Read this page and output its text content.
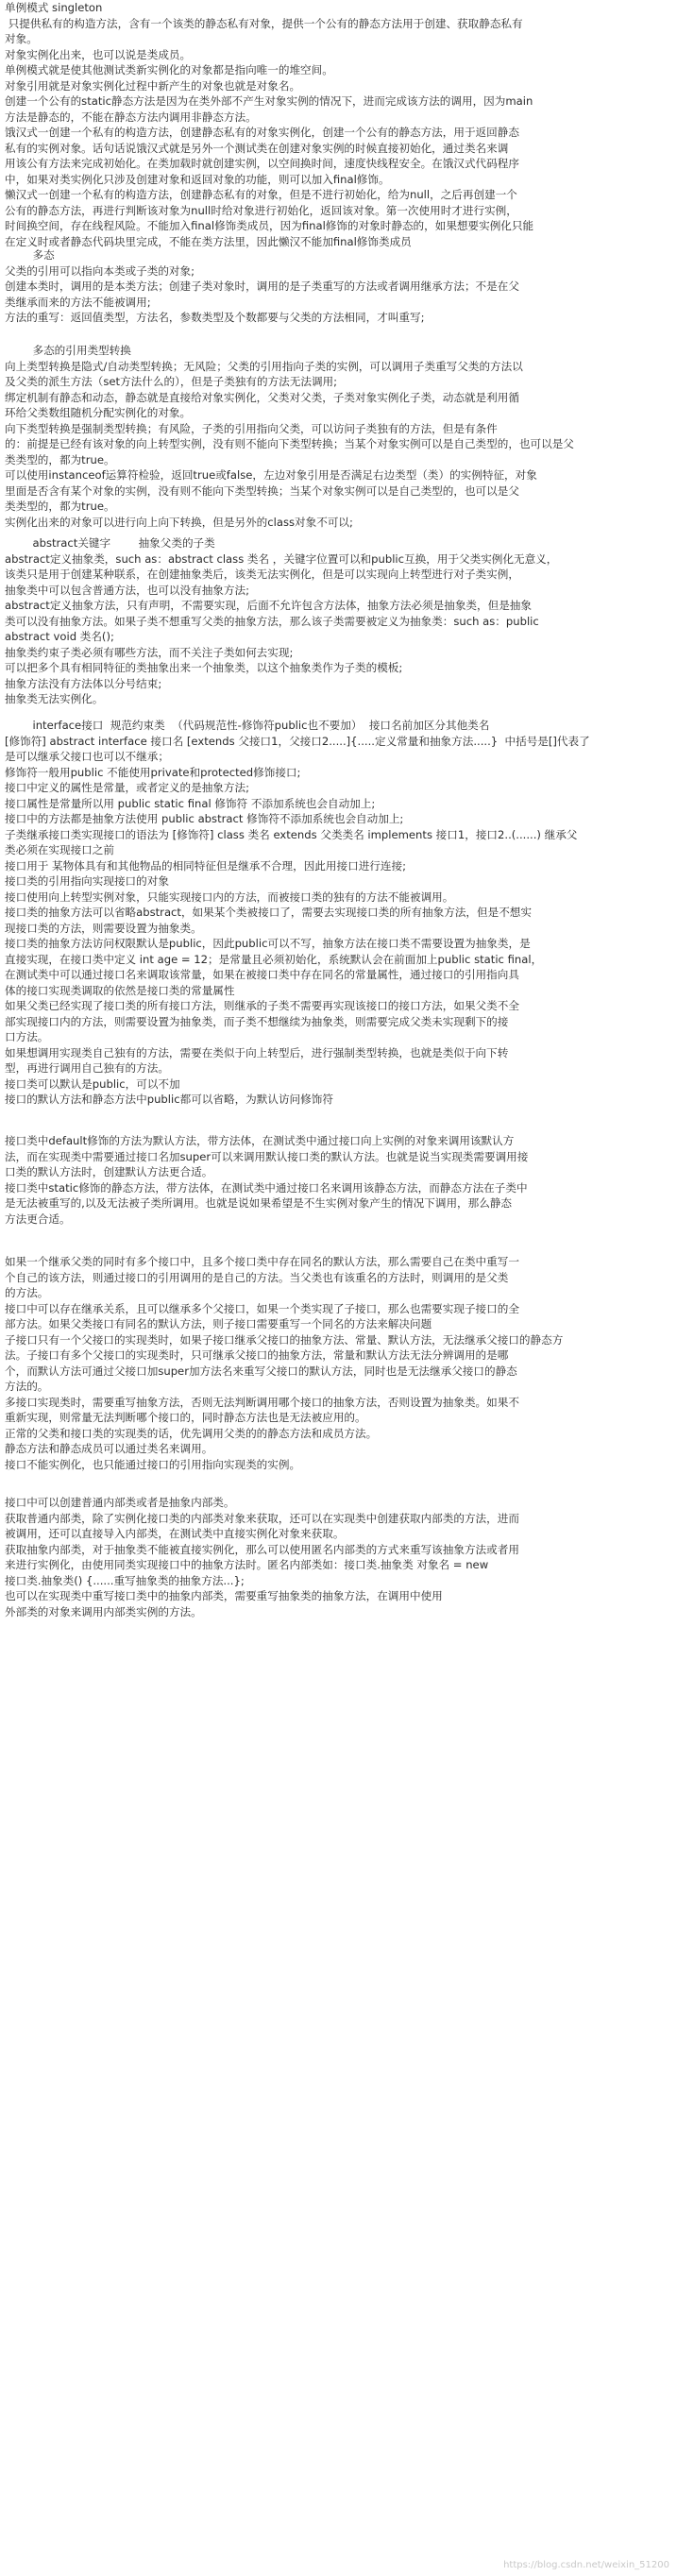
单例模式 singleton
只提供私有的构造方法，含有一个该类的静态私有对象，提供一个公有的静态方法用于创建、获取静态私有
对象。
对象实例化出来，也可以说是类成员。
单例模式就是使其他测试类新实例化的对象都是指向唯一的堆空间。
对象引用就是对象实例化过程中新产生的对象也就是对象名。
创建一个公有的static静态方法是因为在类外部不产生对象实例的情况下，进而完成该方法的调用，因为main
方法是静态的，不能在静态方法内调用非静态方法。
饿汉式一创建一个私有的构造方法，创建静态私有的对象实例化，创建一个公有的静态方法，用于返回静态
私有的实例对象。话句话说饿汉式就是另外一个测试类在创建对象实例的时候直接初始化，通过类名来调
用该公有方法来完成初始化。在类加载时就创建实例，以空间换时间，速度快线程安全。在饿汉式代码程序
中，如果对类实例化只涉及创建对象和返回对象的功能，则可以加入final修饰。
懒汉式一创建一个私有的构造方法，创建静态私有的对象，但是不进行初始化，给为null，之后再创建一个
公有的静态方法，再进行判断该对象为null时给对象进行初始化，返回该对象。第一次使用时才进行实例，
时间换空间，存在线程风险。不能加入final修饰类成员，因为final修饰的对象时静态的，如果想要实例化只能
在定义时或者静态代码块里完成，不能在类方法里，因此懒汉不能加final修饰类成员
多态
父类的引用可以指向本类或子类的对象;
创建本类时，调用的是本类方法；创建子类对象时，调用的是子类重写的方法或者调用继承方法；不是在父
类继承而来的方法不能被调用;
方法的重写：返回值类型，方法名，参数类型及个数都要与父类的方法相同，才叫重写;
多态的引用类型转换
向上类型转换是隐式/自动类型转换；无风险；父类的引用指向子类的实例，可以调用子类重写父类的方法以
及父类的派生方法（set方法什么的），但是子类独有的方法无法调用;
绑定机制有静态和动态，静态就是直接给对象实例化，父类对父类，子类对象实例化子类，动态就是利用循
环给父类数组随机分配实例化的对象。
向下类型转换是强制类型转换；有风险，子类的引用指向父类，可以访问子类独有的方法，但是有条件
的：前提是已经有该对象的向上转型实例，没有则不能向下类型转换；当某个对象实例可以是自己类型的，也可以是父
类类型的，都为true。
可以使用instanceof运算符检验，返回true或false，左边对象引用是否满足右边类型（类）的实例特征，对象
里面是否含有某个对象的实例，没有则不能向下类型转换；当某个对象实例可以是自己类型的，也可以是父
类类型的，都为true。
实例化出来的对象可以进行向上向下转换，但是另外的class对象不可以;
abstract关键字        抽象父类的子类
abstract定义抽象类，such as：abstract class 类名 ，关键字位置可以和public互换，用于父类实例化无意义，
该类只是用于创建某种联系，在创建抽象类后，该类无法实例化，但是可以实现向上转型进行对子类实例，
抽象类中可以包含普通方法，也可以没有抽象方法;
abstract定义抽象方法，只有声明，不需要实现，后面不允许包含方法体，抽象方法必须是抽象类，但是抽象
类可以没有抽象方法。如果子类不想重写父类的抽象方法，那么该子类需要被定义为抽象类：such as：public
abstract void 类名();
抽象类约束子类必须有哪些方法，而不关注子类如何去实现;
可以把多个具有相同特征的类抽象出来一个抽象类，以这个抽象类作为子类的模板;
抽象方法没有方法体以分号结束;
抽象类无法实例化。
interface接口  规范约束类  （代码规范性-修饰符public也不要加）  接口名前加区分其他类名
[修饰符] abstract interface 接口名 [extends 父接口1，父接口2.....]{.....定义常量和抽象方法.....}  中括号是[]代表了
是可以继承父接口也可以不继承；
修饰符一般用public 不能使用private和protected修饰接口;
接口中定义的属性是常量，或者定义的是抽象方法;
接口属性是常量所以用 public static final 修饰符 不添加系统也会自动加上;
接口中的方法都是抽象方法使用 public abstract 修饰符不添加系统也会自动加上;
子类继承接口类实现接口的语法为 [修饰符] class 类名 extends 父类类名 implements 接口1，接口2..(......) 继承父
类必须在实现接口之前
接口用于 某物体具有和其他物品的相同特征但是继承不合理，因此用接口进行连接;
接口类的引用指向实现接口的对象
接口使用向上转型实例对象，只能实现接口内的方法，而被接口类的独有的方法不能被调用。
接口类的抽象方法可以省略abstract，如果某个类被接口了，需要去实现接口类的所有抽象方法，但是不想实
现接口类的方法，则需要设置为抽象类。
接口类的抽象方法访问权限默认是public，因此public可以不写，抽象方法在接口类不需要设置为抽象类，是
直接实现，在接口类中定义 int age = 12；是常量且必须初始化，系统默认会在前面加上public static final，
在测试类中可以通过接口名来调取该常量，如果在被接口类中存在同名的常量属性，通过接口的引用指向具
体的接口实现类调取的依然是接口类的常量属性
如果父类已经实现了接口类的所有接口方法，则继承的子类不需要再实现该接口的接口方法，如果父类不全
部实现接口内的方法，则需要设置为抽象类，而子类不想继续为抽象类，则需要完成父类未实现剩下的接
口方法。
如果想调用实现类自己独有的方法，需要在类似于向上转型后，进行强制类型转换，也就是类似于向下转
型，再进行调用自己独有的方法。
接口类可以默认是public，可以不加
接口的默认方法和静态方法中public都可以省略，为默认访问修饰符
接口类中default修饰的方法为默认方法，带方法体，在测试类中通过接口向上实例的对象来调用该默认方
法，而在实现类中需要通过接口名加super可以来调用默认接口类的默认方法。也就是说当实现类需要调用接
口类的默认方法时，创建默认方法更合适。
接口类中static修饰的静态方法，带方法体，在测试类中通过接口名来调用该静态方法，而静态方法在子类中
是无法被重写的,以及无法被子类所调用。也就是说如果希望是不生实例对象产生的情况下调用，那么静态
方法更合适。
如果一个继承父类的同时有多个接口中，且多个接口类中存在同名的默认方法，那么需要自己在类中重写一
个自己的该方法，则通过接口的引用调用的是自己的方法。当父类也有该重名的方法时，则调用的是父类
的方法。
接口中可以存在继承关系，且可以继承多个父接口，如果一个类实现了子接口，那么也需要实现子接口的全
部方法。如果父类接口有同名的默认方法，则子接口需要重写一个同名的方法来解决问题
子接口只有一个父接口的实现类时，如果子接口继承父接口的抽象方法、常量、默认方法，无法继承父接口的静态方
法。子接口有多个父接口的实现类时，只可继承父接口的抽象方法，常量和默认方法无法分辨调用的是哪
个，而默认方法可通过父接口加super加方法名来重写父接口的默认方法，同时也是无法继承父接口的静态
方法的。
多接口实现类时，需要重写抽象方法，否则无法判断调用哪个接口的抽象方法，否则设置为抽象类。如果不
重新实现，则常量无法判断哪个接口的，同时静态方法也是无法被应用的。
正常的父类和接口类的实现类的话，优先调用父类的的静态方法和成员方法。
静态方法和静态成员可以通过类名来调用。
接口不能实例化，也只能通过接口的引用指向实现类的实例。
接口中可以创建普通内部类或者是抽象内部类。
获取普通内部类，除了实例化接口类的内部类对象来获取，还可以在实现类中创建获取内部类的方法，进而
被调用，还可以直接导入内部类，在测试类中直接实例化对象来获取。
获取抽象内部类，对于抽象类不能被直接实例化，那么可以使用匿名内部类的方式来重写该抽象方法或者用
来进行实例化，由使用同类实现接口中的抽象方法时。匿名内部类如：接口类.抽象类 对象名 = new
接口类.抽象类() {......重写抽象类的抽象方法...};
也可以在实现类中重写接口类中的抽象内部类，需要重写抽象类的抽象方法，在调用中使用
外部类的对象来调用内部类实例的方法。
https://blog.csdn.net/weixin_51200
